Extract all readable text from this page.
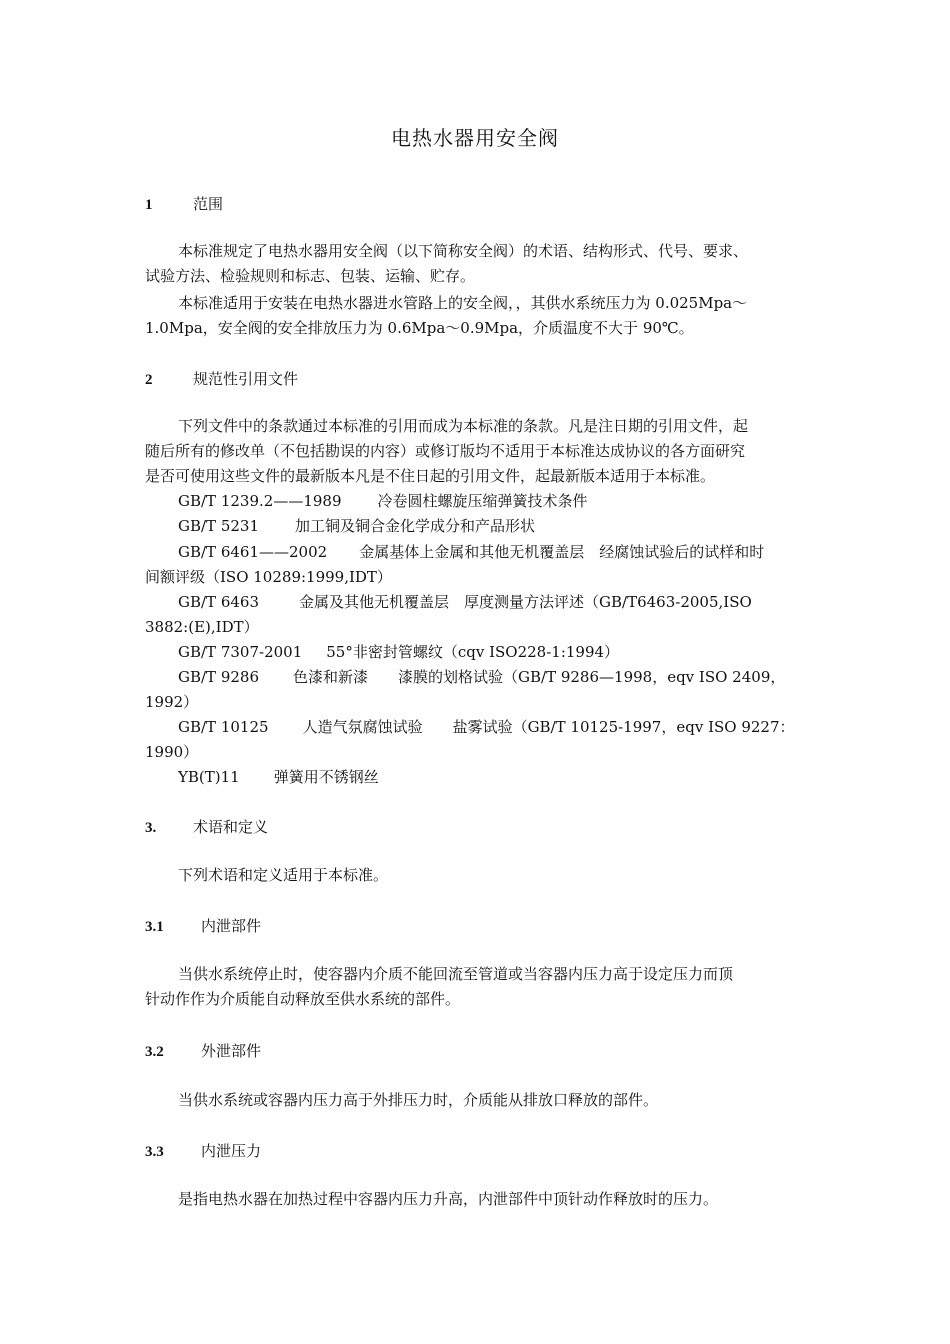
电热水器用安全阀
1	范围
本标准规定了电热水器用安全阀（以下简称安全阀）的术语、结构形式、代号、要求、
试验方法、检验规则和标志、包装、运输、贮存。
本标准适用于安装在电热水器进水管路上的安全阀，，其供水系统压力为 0.025Mpa～
1.0Mpa，安全阀的安全排放压力为 0.6Mpa～0.9Mpa，介质温度不大于 90℃。
2	规范性引用文件
下列文件中的条款通过本标准的引用而成为本标准的条款。凡是注日期的引用文件，起
随后所有的修改单（不包括勘误的内容）或修订版均不适用于本标准达成协议的各方面研究
是否可使用这些文件的最新版本凡是不住日起的引用文件，起最新版本适用于本标准。
GB/T 1239.2——1989 冷卷圆柱螺旋压缩弹簧技术条件
GB/T 5231 加工铜及铜合金化学成分和产品形状
GB/T 6461——2002 金属基体上金属和其他无机覆盖层　经腐蚀试验后的试样和时
间额评级（ISO 10289:1999,IDT）
GB/T 6463	金属及其他无机覆盖层　厚度测量方法评述（GB/T6463-2005,ISO
3882:(E),IDT）
GB/T 7307-2001 55°非密封管螺纹（cqv ISO228-1:1994）
GB/T 9286 色漆和新漆　　漆膜的划格试验（GB/T 9286—1998，eqv ISO 2409，
1992）
GB/T 10125 人造气氛腐蚀试验　　盐雾试验（GB/T 10125-1997，eqv ISO 9227：
1990）
YB(T)11 弹簧用不锈钢丝
3. 术语和定义
下列术语和定义适用于本标准。
3.1 内泄部件
当供水系统停止时，使容器内介质不能回流至管道或当容器内压力高于设定压力而顶
针动作作为介质能自动释放至供水系统的部件。
3.2 外泄部件
当供水系统或容器内压力高于外排压力时，介质能从排放口释放的部件。
3.3 内泄压力
是指电热水器在加热过程中容器内压力升高，内泄部件中顶针动作释放时的压力。
